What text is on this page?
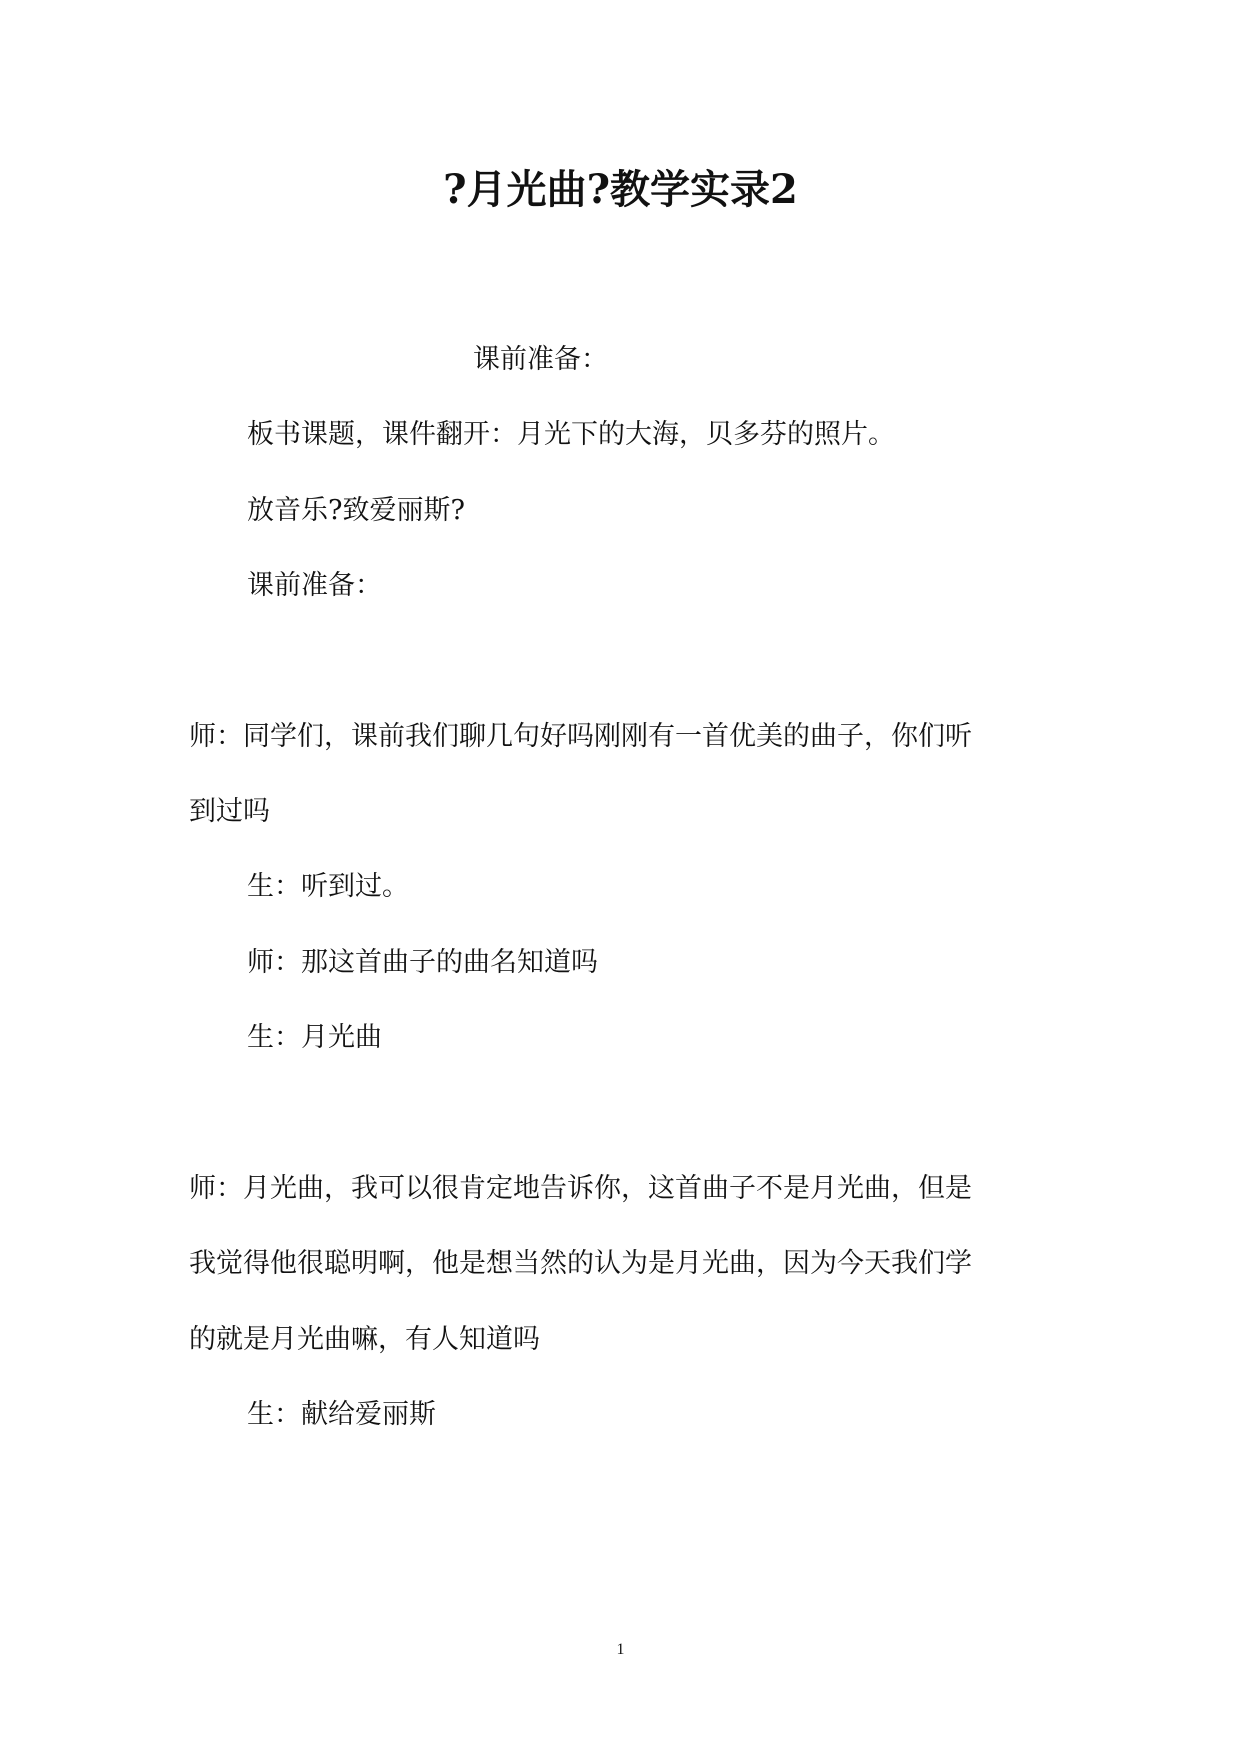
?月光曲?教学实录2

课前准备：

板书课题，课件翻开：月光下的大海，贝多芬的照片。

放音乐?致爱丽斯?

课前准备：

师：同学们，课前我们聊几句好吗刚刚有一首优美的曲子，你们听

到过吗

生：听到过。

师：那这首曲子的曲名知道吗

生：月光曲

师：月光曲，我可以很肯定地告诉你，这首曲子不是月光曲，但是

我觉得他很聪明啊，他是想当然的认为是月光曲，因为今天我们学

的就是月光曲嘛，有人知道吗

生：献给爱丽斯

1
